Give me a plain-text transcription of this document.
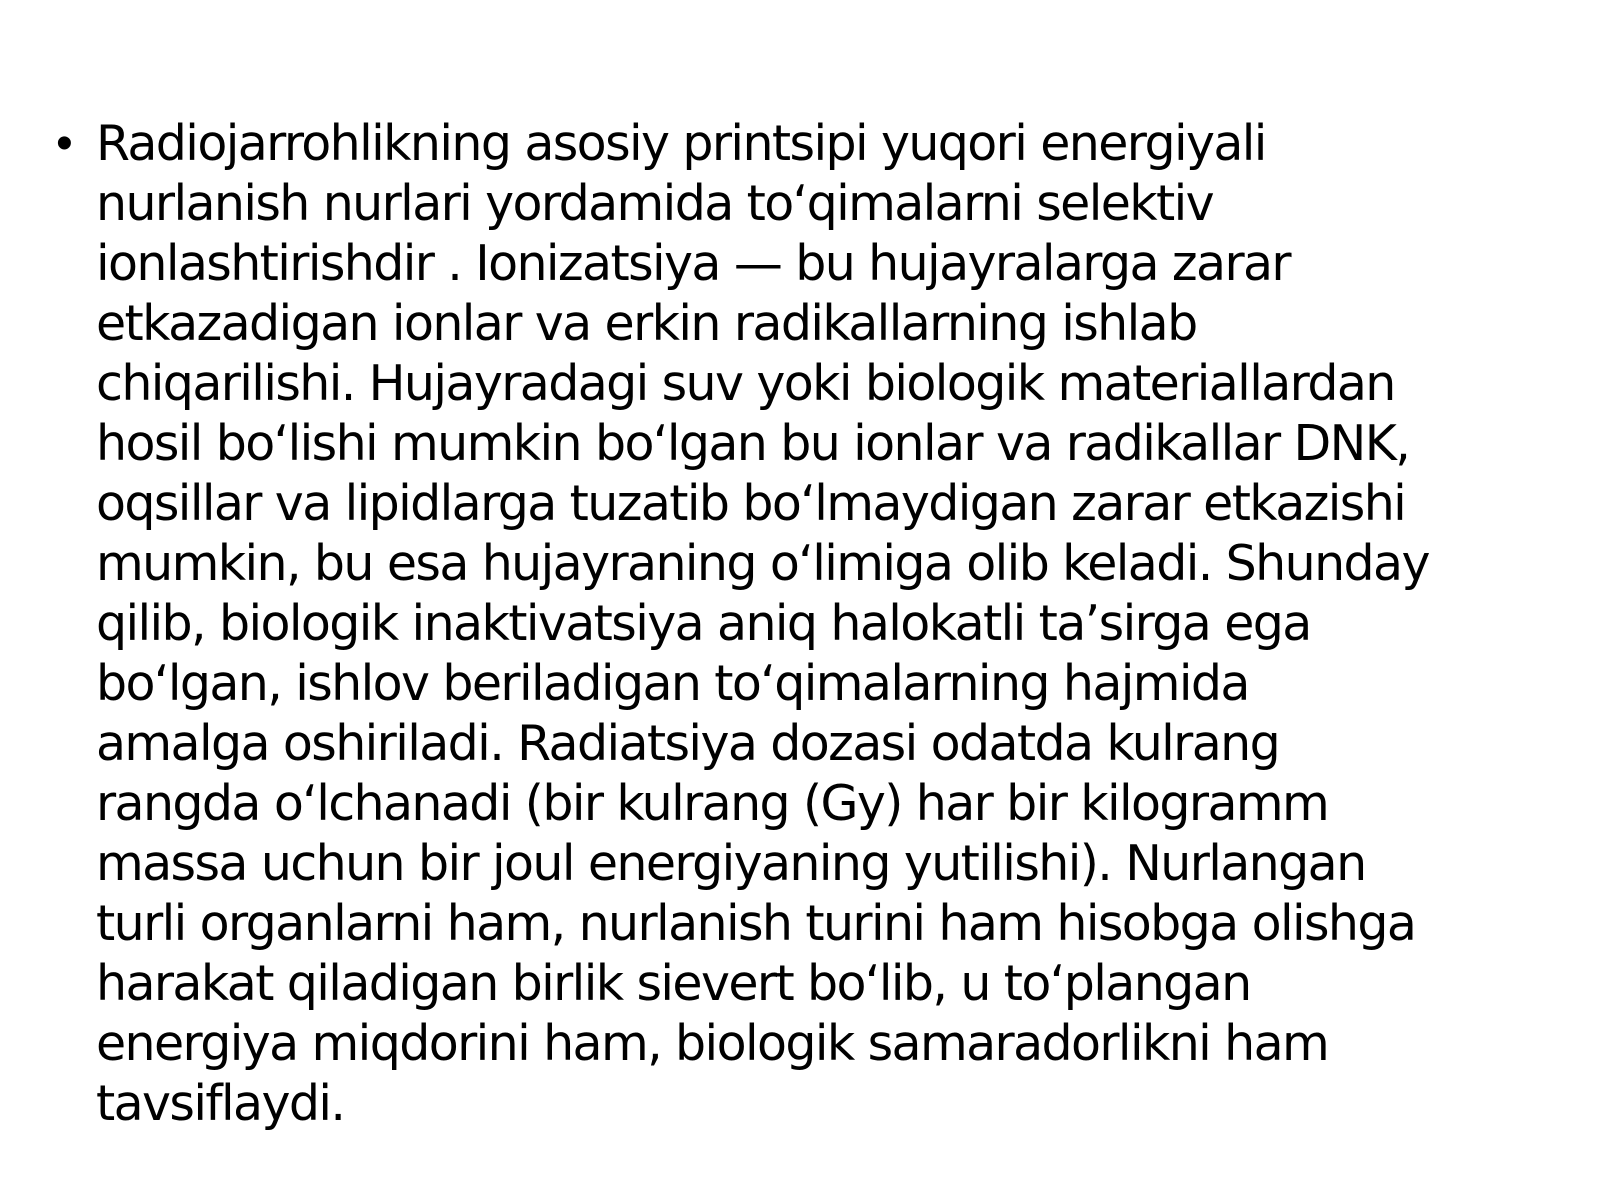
• Radiojarrohlikning asosiy printsipi yuqori energiyali
nurlanish nurlari yordamida to‘qimalarni selektiv
ionlashtirishdir . Ionizatsiya — bu hujayralarga zarar
etkazadigan ionlar va erkin radikallarning ishlab
chiqarilishi. Hujayradagi suv yoki biologik materiallardan
hosil bo‘lishi mumkin bo‘lgan bu ionlar va radikallar DNK,
oqsillar va lipidlarga tuzatib bo‘lmaydigan zarar etkazishi
mumkin, bu esa hujayraning o‘limiga olib keladi. Shunday
qilib, biologik inaktivatsiya aniq halokatli ta’sirga ega
bo‘lgan, ishlov beriladigan to‘qimalarning hajmida
amalga oshiriladi. Radiatsiya dozasi odatda kulrang
rangda o‘lchanadi (bir kulrang (Gy) har bir kilogramm
massa uchun bir joul energiyaning yutilishi). Nurlangan
turli organlarni ham, nurlanish turini ham hisobga olishga
harakat qiladigan birlik sievert bo‘lib, u to‘plangan
energiya miqdorini ham, biologik samaradorlikni ham
tavsiflaydi.
